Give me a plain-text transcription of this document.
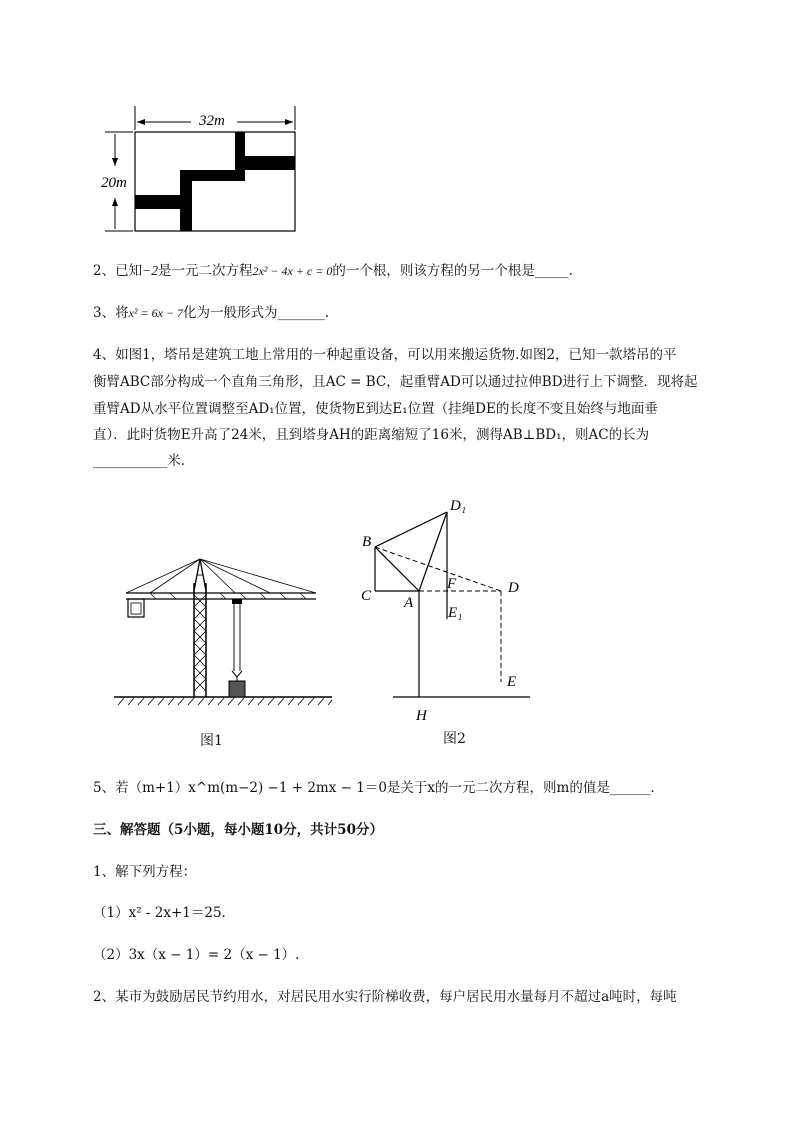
32m
20m
2、已知−2是一元二次方程2x² − 4x + c = 0的一个根，则该方程的另一个根是_____.
3、将x² = 6x − 7化为一般形式为_______.
4、如图1，塔吊是建筑工地上常用的一种起重设备，可以用来搬运货物.如图2，已知一款塔吊的平
衡臂ABC部分构成一个直角三角形，且AC = BC，起重臂AD可以通过拉伸BD进行上下调整．现将起
重臂AD从水平位置调整至AD₁位置，使货物E到达E₁位置（挂绳DE的长度不变且始终与地面垂
直）．此时货物E升高了24米，且到塔身AH的距离缩短了16米，测得AB⊥BD₁，则AC的长为
___________米.
图1
D₁
B
C A
F	D
E₁
E
H
图2
5、若（m+1）x^m(m−2) −1 + 2mx − 1＝0是关于x的一元二次方程，则m的值是______.
三、解答题（5小题，每小题10分，共计50分）
1、解下列方程：
（1）x² - 2x+1＝25.
（2）3x（x − 1）= 2（x − 1）.
2、某市为鼓励居民节约用水，对居民用水实行阶梯收费，每户居民用水量每月不超过a吨时，每吨
